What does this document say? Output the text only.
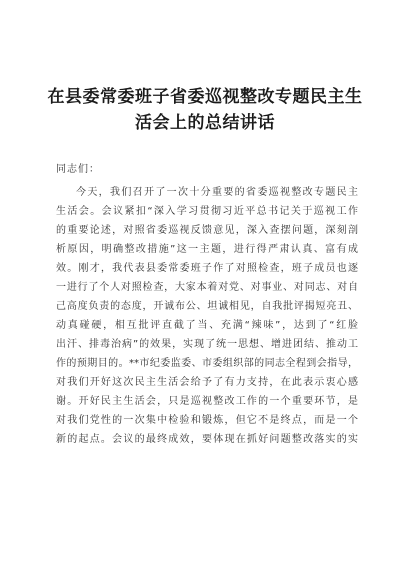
在县委常委班子省委巡视整改专题民主生
活会上的总结讲话
同志们：
今天，我们召开了一次十分重要的省委巡视整改专题民主
生活会。会议紧扣“深入学习贯彻习近平总书记关于巡视工作
的重要论述，对照省委巡视反馈意见，深入查摆问题，深刻剖
析原因，明确整改措施”这一主题，进行得严肃认真、富有成
效。刚才，我代表县委常委班子作了对照检查，班子成员也逐
一进行了个人对照检查，大家本着对党、对事业、对同志、对自
己高度负责的态度，开诚布公、坦诚相见，自我批评揭短亮丑、
动真碰硬，相互批评直截了当、充满“辣味”，达到了“红脸
出汗、排毒治病”的效果，实现了统一思想、增进团结、推动工
作的预期目的。**市纪委监委、市委组织部的同志全程到会指导，
对我们开好这次民主生活会给予了有力支持，在此表示衷心感
谢。开好民主生活会，只是巡视整改工作的一个重要环节，是
对我们党性的一次集中检验和锻炼，但它不是终点，而是一个
新的起点。会议的最终成效，要体现在抓好问题整改落实的实
